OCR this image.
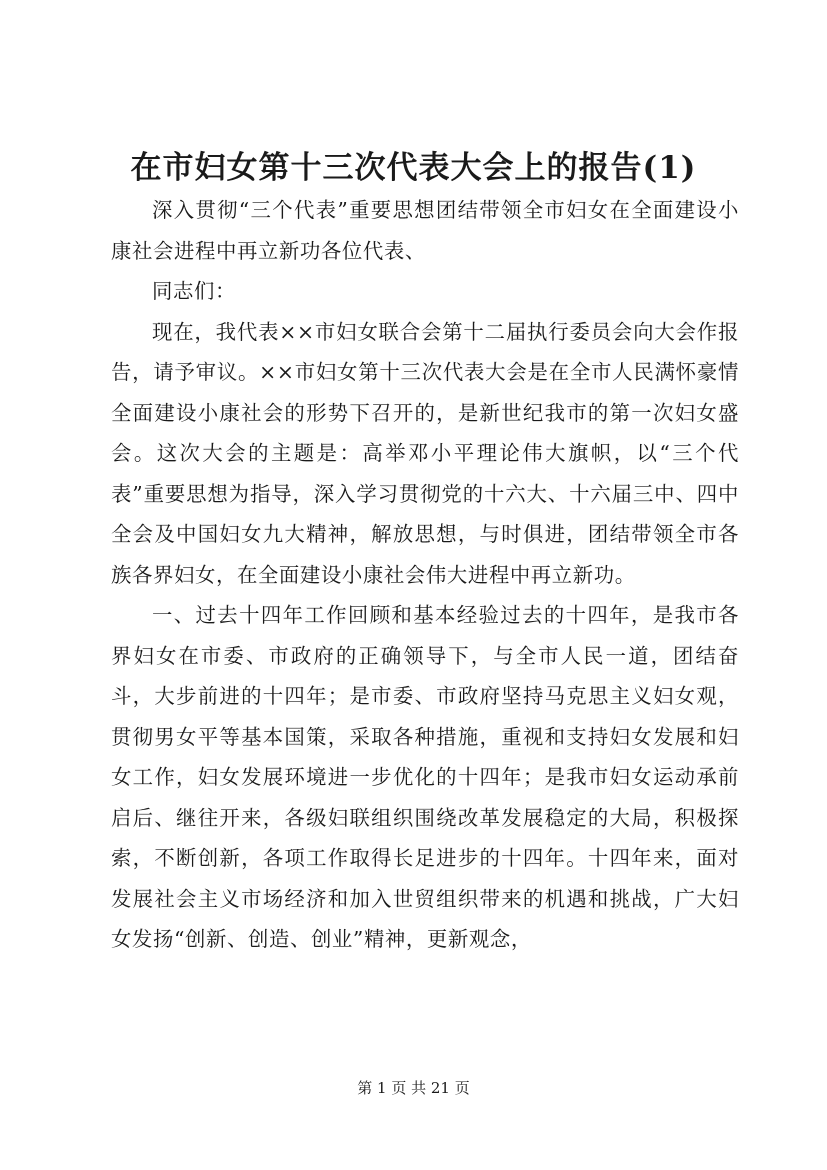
在市妇女第十三次代表大会上的报告(1)

深入贯彻“三个代表”重要思想团结带领全市妇女在全面建设小康社会进程中再立新功各位代表、

同志们：

现在，我代表××市妇女联合会第十二届执行委员会向大会作报告，请予审议。××市妇女第十三次代表大会是在全市人民满怀豪情全面建设小康社会的形势下召开的，是新世纪我市的第一次妇女盛会。这次大会的主题是：高举邓小平理论伟大旗帜，以“三个代表”重要思想为指导，深入学习贯彻党的十六大、十六届三中、四中全会及中国妇女九大精神，解放思想，与时俱进，团结带领全市各族各界妇女，在全面建设小康社会伟大进程中再立新功。

一、过去十四年工作回顾和基本经验过去的十四年，是我市各界妇女在市委、市政府的正确领导下，与全市人民一道，团结奋斗，大步前进的十四年；是市委、市政府坚持马克思主义妇女观，贯彻男女平等基本国策，采取各种措施，重视和支持妇女发展和妇女工作，妇女发展环境进一步优化的十四年；是我市妇女运动承前启后、继往开来，各级妇联组织围绕改革发展稳定的大局，积极探索，不断创新，各项工作取得长足进步的十四年。十四年来，面对发展社会主义市场经济和加入世贸组织带来的机遇和挑战，广大妇女发扬“创新、创造、创业”精神，更新观念，

第 1 页 共 21 页
